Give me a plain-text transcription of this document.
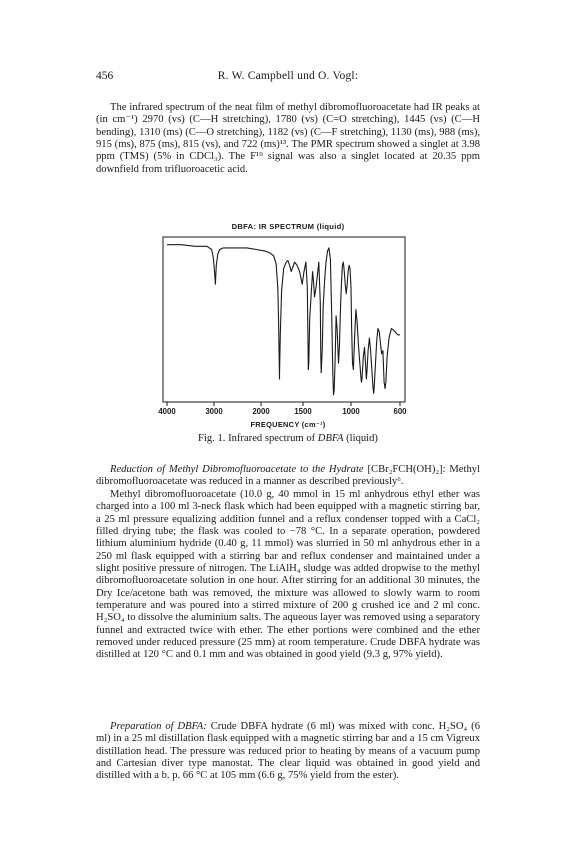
456	R. W. Campbell und O. Vogl:

The infrared spectrum of the neat film of methyl dibromofluoroacetate had IR peaks at (in cm⁻¹) 2970 (vs) (C—H stretching), 1780 (vs) (C=O stretching), 1445 (vs) (C—H bending), 1310 (ms) (C—O stretching), 1182 (vs) (C—F stretching), 1130 (ms), 988 (ms), 915 (ms), 875 (ms), 815 (vs), and 722 (ms)¹³. The PMR spectrum showed a singlet at 3.98 ppm (TMS) (5% in CDCl₃). The F¹⁹ signal was also a singlet located at 20.35 ppm downfield from trifluoroacetic acid.

DBFA: IR SPECTRUM (liquid)
4000	3000	2000	1500	1000	600
FREQUENCY (cm⁻¹)
Fig. 1. Infrared spectrum of DBFA (liquid)

Reduction of Methyl Dibromofluoroacetate to the Hydrate [CBr₂FCH(OH)₂]: Methyl dibromofluoroacetate was reduced in a manner as described previously⁶.

Methyl dibromofluoroacetate (10.0 g, 40 mmol in 15 ml anhydrous ethyl ether was charged into a 100 ml 3-neck flask which had been equipped with a magnetic stirring bar, a 25 ml pressure equalizing addition funnel and a reflux condenser topped with a CaCl₂ filled drying tube; the flask was cooled to −78 °C. In a separate operation, powdered lithium aluminium hydride (0.40 g, 11 mmol) was slurried in 50 ml anhydrous ether in a 250 ml flask equipped with a stirring bar and reflux condenser and maintained under a slight positive pressure of nitrogen. The LiAlH₄ sludge was added dropwise to the methyl dibromofluoroacetate solution in one hour. After stirring for an additional 30 minutes, the Dry Ice/acetone bath was removed, the mixture was allowed to slowly warm to room temperature and was poured into a stirred mixture of 200 g crushed ice and 2 ml conc. H₂SO₄ to dissolve the aluminium salts. The aqueous layer was removed using a separatory funnel and extracted twice with ether. The ether portions were combined and the ether removed under reduced pressure (25 mm) at room temperature. Crude DBFA hydrate was distilled at 120 °C and 0.1 mm and was obtained in good yield (9.3 g, 97% yield).

Preparation of DBFA: Crude DBFA hydrate (6 ml) was mixed with conc. H₂SO₄ (6 ml) in a 25 ml distillation flask equipped with a magnetic stirring bar and a 15 cm Vigreux distillation head. The pressure was reduced prior to heating by means of a vacuum pump and Cartesian diver type manostat. The clear liquid was obtained in good yield and distilled with a b. p. 66 °C at 105 mm (6.6 g, 75% yield from the ester).
